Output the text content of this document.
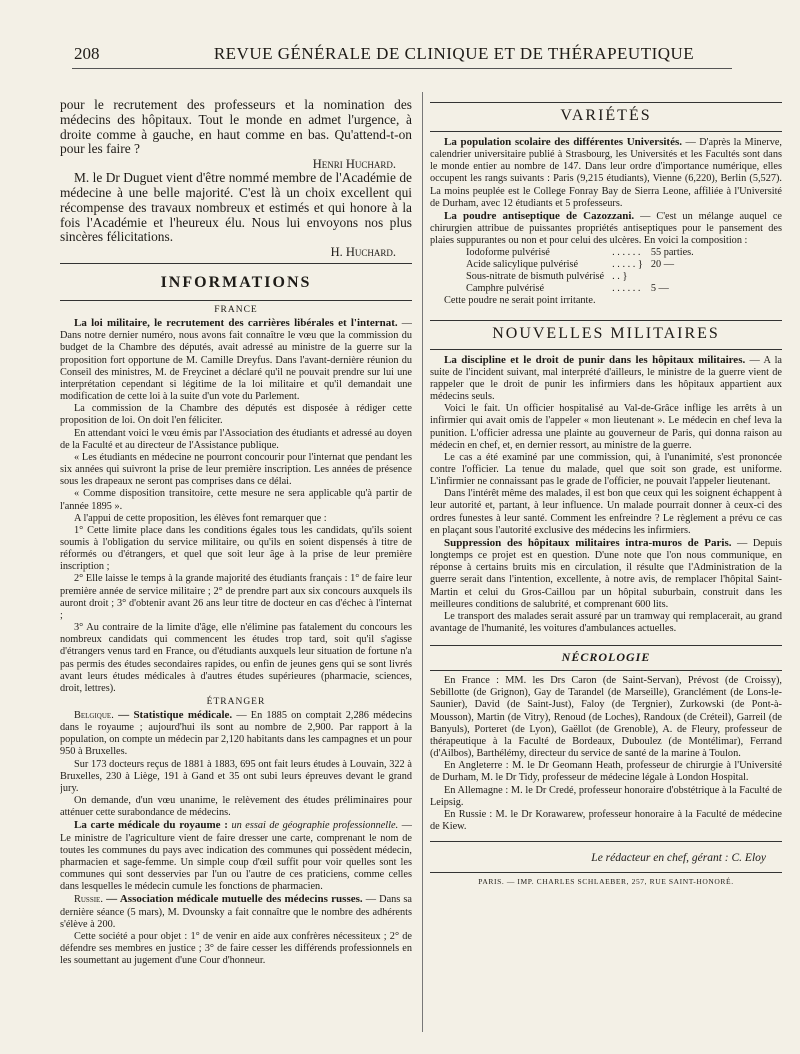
208	REVUE GÉNÉRALE DE CLINIQUE ET DE THÉRAPEUTIQUE

pour le recrutement des professeurs et la nomination des médecins des hôpitaux. Tout le monde en admet l'urgence, à droite comme à gauche, en haut comme en bas. Qu'attend-t-on pour les faire ?

Henri Huchard.

M. le Dr Duguet vient d'être nommé membre de l'Académie de médecine à une belle majorité. C'est là un choix excellent qui récompense des travaux nombreux et estimés et qui honore à la fois l'Académie et l'heureux élu. Nous lui envoyons nos plus sincères félicitations.

H. Huchard.

INFORMATIONS
FRANCE

La loi militaire, le recrutement des carrières libérales et l'internat. — Dans notre dernier numéro, nous avons fait connaître le vœu que la commission du budget de la Chambre des députés, avait adressé au ministre de la guerre sur la proposition fort opportune de M. Camille Dreyfus. Dans l'avant-dernière réunion du Conseil des ministres, M. de Freycinet a déclaré qu'il ne pouvait prendre sur lui une interprétation cependant si légitime de la loi militaire et qu'il demandait une modification de cette loi à la suite d'un vote du Parlement.

La commission de la Chambre des députés est disposée à rédiger cette proposition de loi. On doit l'en féliciter.

En attendant voici le vœu émis par l'Association des étudiants et adressé au doyen de la Faculté et au directeur de l'Assistance publique.

« Les étudiants en médecine ne pourront concourir pour l'internat que pendant les six années qui suivront la prise de leur première inscription. Les années de présence sous les drapeaux ne seront pas comprises dans ce délai.

« Comme disposition transitoire, cette mesure ne sera applicable qu'à partir de l'année 1895 ».

A l'appui de cette proposition, les élèves font remarquer que :

1° Cette limite place dans les conditions égales tous les candidats, qu'ils soient soumis à l'obligation du service militaire, ou qu'ils en soient dispensés à titre de réformés ou d'étrangers, et quel que soit leur âge à la prise de leur première inscription ;

2° Elle laisse le temps à la grande majorité des étudiants français : 1° de faire leur première année de service militaire ; 2° de prendre part aux six concours auxquels ils auront droit ; 3° d'obtenir avant 26 ans leur titre de docteur en cas d'échec à l'internat ;

3° Au contraire de la limite d'âge, elle n'élimine pas fatalement du concours les nombreux candidats qui commencent les études trop tard, soit qu'il s'agisse d'étrangers venus tard en France, ou d'étudiants auxquels leur situation de fortune n'a pas permis des études secondaires rapides, ou enfin de jeunes gens qui se sont livrés avant leurs études médicales à d'autres études supérieures (pharmacie, sciences, droit, lettres).

ÉTRANGER

Belgique. — Statistique médicale. — En 1885 on comptait 2,286 médecins dans le royaume ; aujourd'hui ils sont au nombre de 2,900. Par rapport à la population, on compte un médecin par 2,120 habitants dans les campagnes et un pour 950 à Bruxelles.

Sur 173 docteurs reçus de 1881 à 1883, 695 ont fait leurs études à Louvain, 322 à Bruxelles, 230 à Liège, 191 à Gand et 35 ont subi leurs épreuves devant le grand jury.

On demande, d'un vœu unanime, le relèvement des études préliminaires pour atténuer cette surabondance de médecins.

La carte médicale du royaume : un essai de géographie professionnelle. — Le ministre de l'agriculture vient de faire dresser une carte, comprenant le nom de toutes les communes du pays avec indication des communes qui possèdent médecin, pharmacien et sage-femme. Un simple coup d'œil suffit pour voir quelles sont les communes qui sont desservies par l'un ou l'autre de ces praticiens, comme celles dans lesquelles le médecin cumule les fonctions de pharmacien.

Russie. — Association médicale mutuelle des médecins russes. — Dans sa dernière séance (5 mars), M. Dvounsky a fait connaître que le nombre des adhérents s'élève à 200.

Cette société a pour objet : 1° de venir en aide aux confrères nécessiteux ; 2° de défendre ses membres en justice ; 3° de faire cesser les différends professionnels en les soumettant au jugement d'une Cour d'honneur.

VARIÉTÉS

La population scolaire des différentes Universités. — D'après la Minerve, calendrier universitaire publié à Strasbourg, les Universités et les Facultés sont dans le monde entier au nombre de 147. Dans leur ordre d'importance numérique, elles occupent les rangs suivants : Paris (9,215 étudiants), Vienne (6,220), Berlin (5,527). La moins peuplée est le College Fonray Bay de Sierra Leone, affiliée à l'Université de Durham, avec 12 étudiants et 5 professeurs.

La poudre antiseptique de Cazozzani. — C'est un mélange auquel ce chirurgien attribue de puissantes propriétés antiseptiques pour le pansement des plaies suppurantes ou non et pour celui des ulcères. En voici la composition :

Iodoforme pulvérisé	. . . . . .	55 parties.
Acide salicylique pulvérisé	. . . . . }	20 —
Sous-nitrate de bismuth pulvérisé	. . }	
Camphre pulvérisé	. . . . . .	5 —

Cette poudre ne serait point irritante.

NOUVELLES MILITAIRES

La discipline et le droit de punir dans les hôpitaux militaires. — A la suite de l'incident suivant, mal interprété d'ailleurs, le ministre de la guerre vient de rappeler que le droit de punir les infirmiers dans les hôpitaux appartient aux médecins seuls.

Voici le fait. Un officier hospitalisé au Val-de-Grâce inflige les arrêts à un infirmier qui avait omis de l'appeler « mon lieutenant ». Le médecin en chef leva la punition. L'officier adressa une plainte au gouverneur de Paris, qui donna raison au médecin en chef, et, en dernier ressort, au ministre de la guerre.

Le cas a été examiné par une commission, qui, à l'unanimité, s'est prononcée contre l'officier. La tenue du malade, quel que soit son grade, est uniforme. L'infirmier ne connaissant pas le grade de l'officier, ne pouvait l'appeler lieutenant.

Dans l'intérêt même des malades, il est bon que ceux qui les soignent échappent à leur autorité et, partant, à leur influence. Un malade pourrait donner à ceux-ci des ordres funestes à leur santé. Comment les enfreindre ? Le règlement a prévu ce cas en plaçant sous l'autorité exclusive des médecins les infirmiers.

Suppression des hôpitaux militaires intra-muros de Paris. — Depuis longtemps ce projet est en question. D'une note que l'on nous communique, en réponse à certains bruits mis en circulation, il résulte que l'Administration de la guerre serait dans l'intention, excellente, à notre avis, de remplacer l'hôpital Saint-Martin et celui du Gros-Caillou par un hôpital suburbain, construit dans les meilleures conditions de salubrité, et comprenant 600 lits.

Le transport des malades serait assuré par un tramway qui remplacerait, au grand avantage de l'humanité, les voitures d'ambulances actuelles.

NÉCROLOGIE

En France : MM. les Drs Caron (de Saint-Servan), Prévost (de Croissy), Sebillotte (de Grignon), Gay de Tarandel (de Marseille), Granclément (de Lons-le-Saunier), David (de Saint-Just), Faloy (de Tergnier), Zurkowski (de Pont-à-Mousson), Martin (de Vitry), Renoud (de Loches), Randoux (de Créteil), Garreil (de Banyuls), Porteret (de Lyon), Gaëllot (de Grenoble), A. de Fleury, professeur de thérapeutique à la Faculté de Bordeaux, Duboulez (de Montélimar), Ferrand (d'Ailbos), Barthélémy, directeur du service de santé de la marine à Toulon.

En Angleterre : M. le Dr Geomann Heath, professeur de chirurgie à l'Université de Durham, M. le Dr Tidy, professeur de médecine légale à London Hospital.

En Allemagne : M. le Dr Credé, professeur honoraire d'obstétrique à la Faculté de Leipsig.

En Russie : M. le Dr Korawarew, professeur honoraire à la Faculté de médecine de Kiew.

Le rédacteur en chef, gérant : C. Eloy

PARIS. — IMP. CHARLES SCHLAEBER, 257, RUE SAINT-HONORÉ.
